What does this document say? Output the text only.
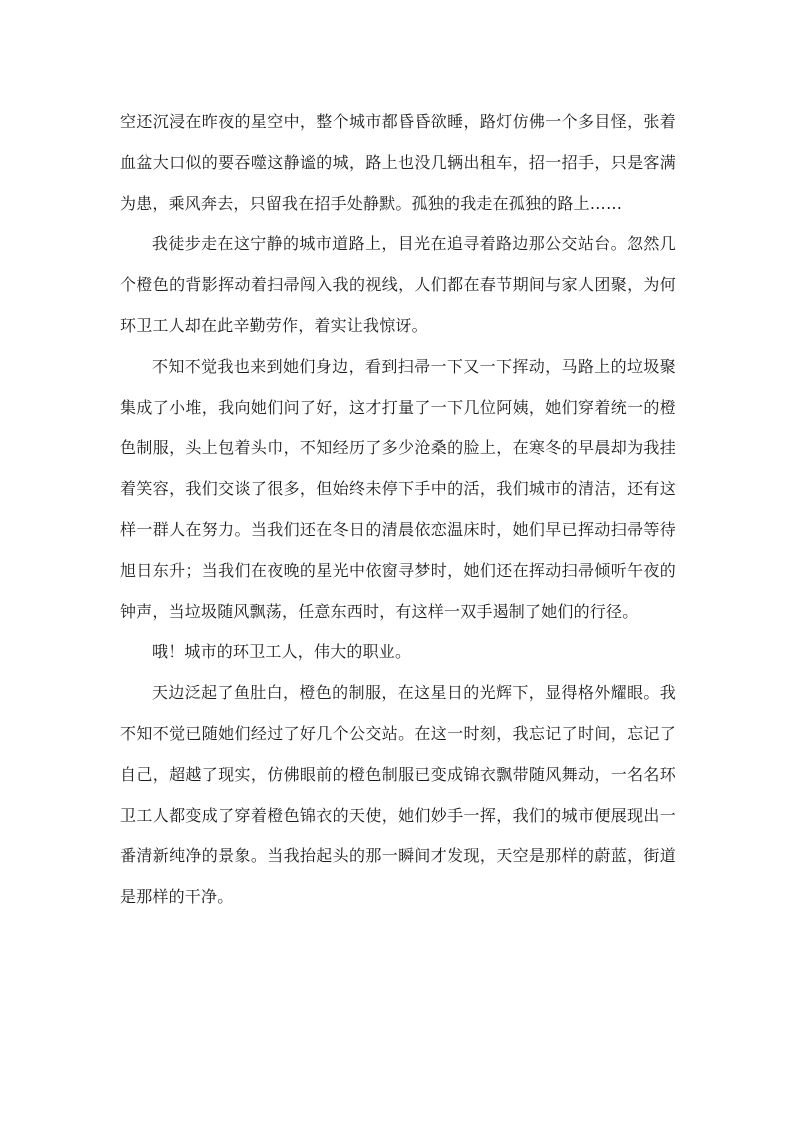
空还沉浸在昨夜的星空中，整个城市都昏昏欲睡，路灯仿佛一个多目怪，张着血盆大口似的要吞噬这静谧的城，路上也没几辆出租车，招一招手，只是客满为患，乘风奔去，只留我在招手处静默。孤独的我走在孤独的路上……

我徒步走在这宁静的城市道路上，目光在追寻着路边那公交站台。忽然几个橙色的背影挥动着扫帚闯入我的视线，人们都在春节期间与家人团聚，为何环卫工人却在此辛勤劳作，着实让我惊讶。

不知不觉我也来到她们身边，看到扫帚一下又一下挥动，马路上的垃圾聚集成了小堆，我向她们问了好，这才打量了一下几位阿姨，她们穿着统一的橙色制服，头上包着头巾，不知经历了多少沧桑的脸上，在寒冬的早晨却为我挂着笑容，我们交谈了很多，但始终未停下手中的活，我们城市的清洁，还有这样一群人在努力。当我们还在冬日的清晨依恋温床时，她们早已挥动扫帚等待旭日东升；当我们在夜晚的星光中依窗寻梦时，她们还在挥动扫帚倾听午夜的钟声，当垃圾随风飘荡，任意东西时，有这样一双手遏制了她们的行径。

哦！城市的环卫工人，伟大的职业。

天边泛起了鱼肚白，橙色的制服，在这星日的光辉下，显得格外耀眼。我不知不觉已随她们经过了好几个公交站。在这一时刻，我忘记了时间，忘记了自己，超越了现实，仿佛眼前的橙色制服已变成锦衣飘带随风舞动，一名名环卫工人都变成了穿着橙色锦衣的天使，她们妙手一挥，我们的城市便展现出一番清新纯净的景象。当我抬起头的那一瞬间才发现，天空是那样的蔚蓝，街道是那样的干净。
